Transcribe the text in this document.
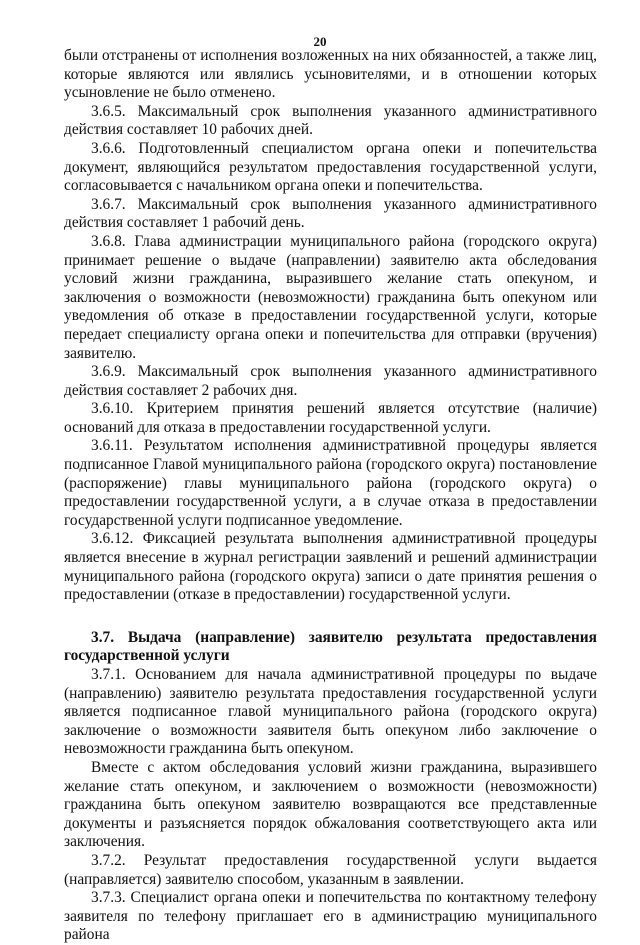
20

были отстранены от исполнения возложенных на них обязанностей, а также лиц, которые являются или являлись усыновителями, и в отношении которых усыновление не было отменено.

3.6.5. Максимальный срок выполнения указанного административного действия составляет 10 рабочих дней.

3.6.6. Подготовленный специалистом органа опеки и попечительства документ, являющийся результатом предоставления государственной услуги, согласовывается с начальником органа опеки и попечительства.

3.6.7. Максимальный срок выполнения указанного административного действия составляет 1 рабочий день.

3.6.8. Глава администрации муниципального района (городского округа) принимает решение о выдаче (направлении) заявителю акта обследования условий жизни гражданина, выразившего желание стать опекуном, и заключения о возможности (невозможности) гражданина быть опекуном или уведомления об отказе в предоставлении государственной услуги, которые передает специалисту органа опеки и попечительства для отправки (вручения) заявителю.

3.6.9. Максимальный срок выполнения указанного административного действия составляет 2 рабочих дня.

3.6.10. Критерием принятия решений является отсутствие (наличие) оснований для отказа в предоставлении государственной услуги.

3.6.11. Результатом исполнения административной процедуры является подписанное Главой муниципального района (городского округа) постановление (распоряжение) главы муниципального района (городского округа) о предоставлении государственной услуги, а в случае отказа в предоставлении государственной услуги подписанное уведомление.

3.6.12. Фиксацией результата выполнения административной процедуры является внесение в журнал регистрации заявлений и решений администрации муниципального района (городского округа) записи о дате принятия решения о предоставлении (отказе в предоставлении) государственной услуги.

3.7. Выдача (направление) заявителю результата предоставления государственной услуги

3.7.1. Основанием для начала административной процедуры по выдаче (направлению) заявителю результата предоставления государственной услуги является подписанное главой муниципального района (городского округа) заключение о возможности заявителя быть опекуном либо заключение о невозможности гражданина быть опекуном.

Вместе с актом обследования условий жизни гражданина, выразившего желание стать опекуном, и заключением о возможности (невозможности) гражданина быть опекуном заявителю возвращаются все представленные документы и разъясняется порядок обжалования соответствующего акта или заключения.

3.7.2. Результат предоставления государственной услуги выдается (направляется) заявителю способом, указанным в заявлении.

3.7.3. Специалист органа опеки и попечительства по контактному телефону заявителя по телефону приглашает его в администрацию муниципального района
